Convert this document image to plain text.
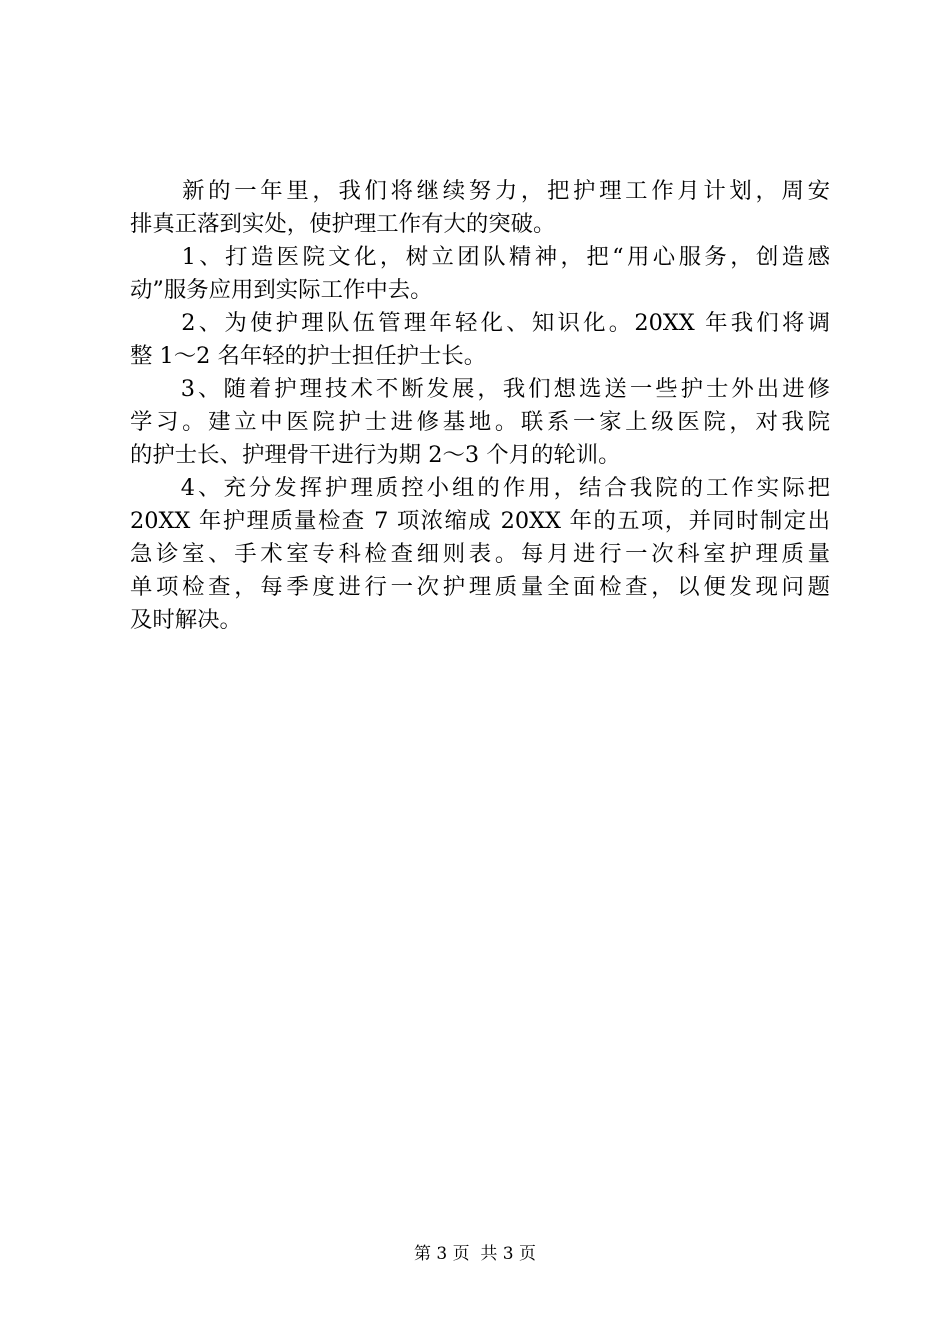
　　新的一年里，我们将继续努力，把护理工作月计划，周安
排真正落到实处，使护理工作有大的突破。
　　1、打造医院文化，树立团队精神，把“用心服务，创造感
动”服务应用到实际工作中去。
　　2、为使护理队伍管理年轻化、知识化。20XX 年我们将调
整 1～2 名年轻的护士担任护士长。
　　3、随着护理技术不断发展，我们想选送一些护士外出进修
学习。建立中医院护士进修基地。联系一家上级医院，对我院
的护士长、护理骨干进行为期 2～3 个月的轮训。
　　4、充分发挥护理质控小组的作用，结合我院的工作实际把
20XX 年护理质量检查 7 项浓缩成 20XX 年的五项，并同时制定出
急诊室、手术室专科检查细则表。每月进行一次科室护理质量
单项检查，每季度进行一次护理质量全面检查，以便发现问题
及时解决。
第 3 页  共 3 页
